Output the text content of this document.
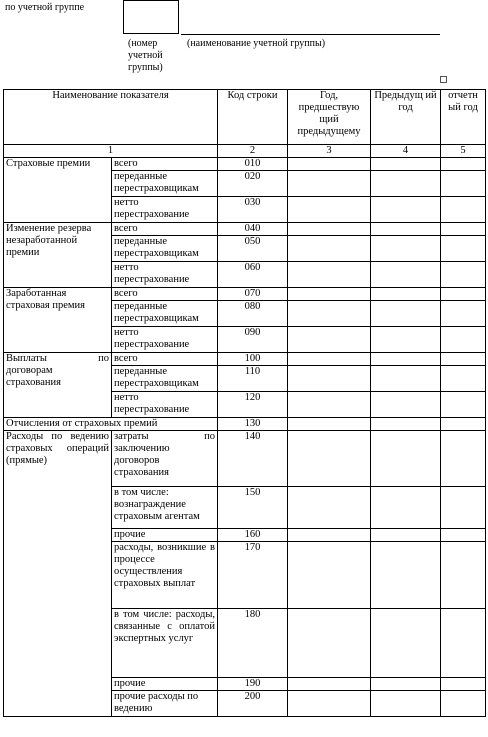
по учетной группе
(номер учетной группы)
(наименование учетной группы)
Наименование показателя		Код строки	Год, предшествую щий предыдущему	Предыдущ ий год	отчетн ый год
1		2	3	4	5
Страховые премии	всего	010			
	переданные перестраховщикам	020			
	нетто перестрахование	030			
Изменение резерва незаработанной премии	всего	040			
	переданные перестраховщикам	050			
	нетто перестрахование	060			
Заработанная страховая премия	всего	070			
	переданные перестраховщикам	080			
	нетто перестрахование	090			
Выплаты по договорам страхования	всего	100			
	переданные перестраховщикам	110			
	нетто перестрахование	120			
Отчисления от страховых премий		130			
Расходы по ведению страховых операций (прямые)	затраты по заключению договоров страхования	140			
	в том числе: вознаграждение страховым агентам	150			
	прочие	160			
	расходы, возникшие в процессе осуществления страховых выплат	170			
	в том числе: расходы, связанные с оплатой экспертных услуг	180			
	прочие	190			
	прочие расходы по ведению	200			
